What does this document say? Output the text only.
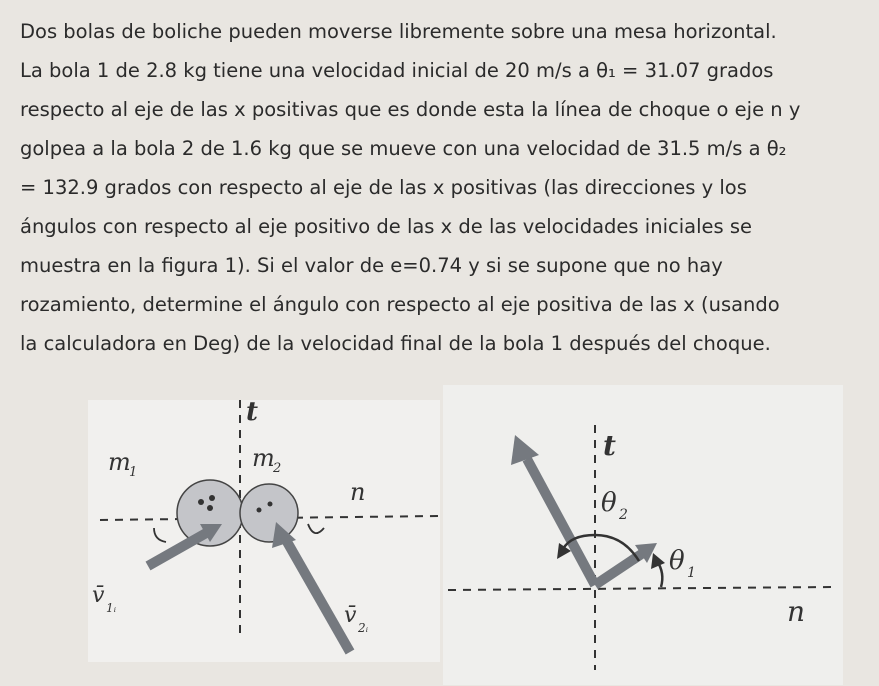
Dos bolas de boliche pueden moverse libremente sobre una mesa horizontal.

La bola 1 de 2.8 kg tiene una velocidad inicial de 20 m/s a θ₁ = 31.07 grados

respecto al eje de las x positivas que es donde esta la línea de choque o eje n y

golpea a la bola 2 de 1.6 kg que se mueve con una velocidad de 31.5 m/s a θ₂

= 132.9 grados con respecto al eje de las x positivas (las direcciones y los

ángulos con respecto al eje positivo de las x de las velocidades iniciales se

muestra en la figura 1). Si el valor de e=0.74 y si se supone que no hay

rozamiento, determine el ángulo con respecto al eje positiva de las x (usando

la calculadora en Deg) de la velocidad final de la bola 1 después del choque.

t
n
m
1
m
2
v̄ 1ᵢ	v̄ 2ᵢ
t
n
θ 2
θ 1
